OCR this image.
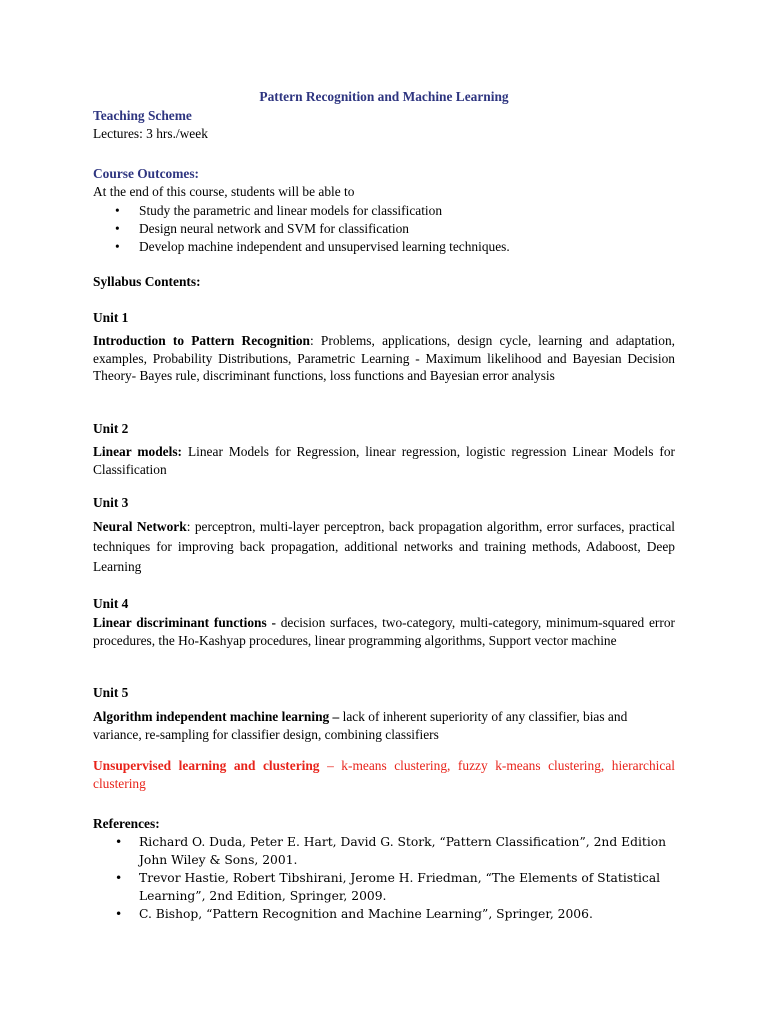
Pattern Recognition and Machine Learning
Teaching Scheme
Lectures: 3 hrs./week
Course Outcomes:
At the end of this course, students will be able to
• Study the parametric and linear models for classification
• Design neural network and SVM for classification
• Develop machine independent and unsupervised learning techniques.
Syllabus Contents:
Unit 1
Introduction to Pattern Recognition: Problems, applications, design cycle, learning and adaptation, examples, Probability Distributions, Parametric Learning - Maximum likelihood and Bayesian Decision Theory- Bayes rule, discriminant functions, loss functions and Bayesian error analysis
Unit 2
Linear models: Linear Models for Regression, linear regression, logistic regression Linear Models for Classification
Unit 3
Neural Network: perceptron, multi-layer perceptron, back propagation algorithm, error surfaces, practical techniques for improving back propagation, additional networks and training methods, Adaboost, Deep Learning
Unit 4
Linear discriminant functions - decision surfaces, two-category, multi-category, minimum-squared error procedures, the Ho-Kashyap procedures, linear programming algorithms, Support vector machine
Unit 5
Algorithm independent machine learning – lack of inherent superiority of any classifier, bias and variance, re-sampling for classifier design, combining classifiers
Unsupervised learning and clustering – k-means clustering, fuzzy k-means clustering, hierarchical clustering
References:
• Richard O. Duda, Peter E. Hart, David G. Stork, “Pattern Classification”, 2nd Edition John Wiley & Sons, 2001.
• Trevor Hastie, Robert Tibshirani, Jerome H. Friedman, “The Elements of Statistical Learning”, 2nd Edition, Springer, 2009.
• C. Bishop, “Pattern Recognition and Machine Learning”, Springer, 2006.
